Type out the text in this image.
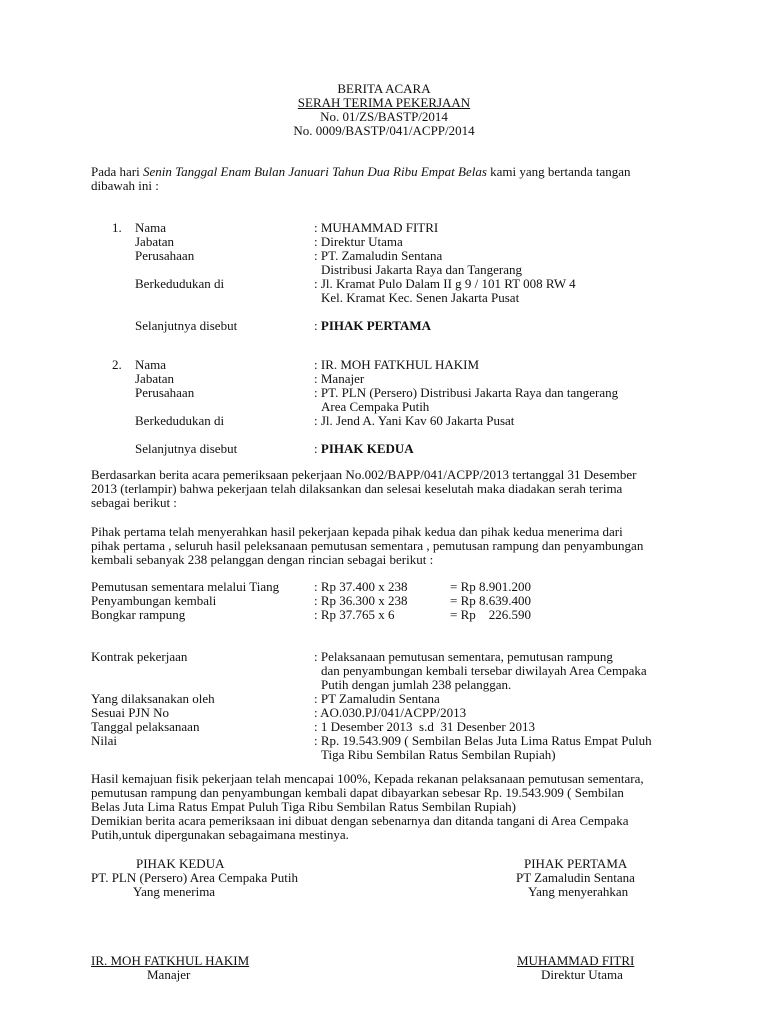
BERITA ACARA
SERAH TERIMA PEKERJAAN
No. 01/ZS/BASTP/2014
No. 0009/BASTP/041/ACPP/2014
Pada hari Senin Tanggal Enam Bulan Januari Tahun Dua Ribu Empat Belas kami yang bertanda tangan
dibawah ini :
1. Nama	: MUHAMMAD FITRI
Jabatan	: Direktur Utama
Perusahaan	: PT. Zamaludin Sentana
Distribusi Jakarta Raya dan Tangerang
Berkedudukan di	: Jl. Kramat Pulo Dalam II g 9 / 101 RT 008 RW 4
Kel. Kramat Kec. Senen Jakarta Pusat
Selanjutnya disebut	: PIHAK PERTAMA
2. Nama	: IR. MOH FATKHUL HAKIM
Jabatan	: Manajer
Perusahaan	: PT. PLN (Persero) Distribusi Jakarta Raya dan tangerang
Area Cempaka Putih
Berkedudukan di	: Jl. Jend A. Yani Kav 60 Jakarta Pusat
Selanjutnya disebut	: PIHAK KEDUA
Berdasarkan berita acara pemeriksaan pekerjaan No.002/BAPP/041/ACPP/2013 tertanggal 31 Desember
2013 (terlampir) bahwa pekerjaan telah dilaksankan dan selesai keselutah maka diadakan serah terima
sebagai berikut :
Pihak pertama telah menyerahkan hasil pekerjaan kepada pihak kedua dan pihak kedua menerima dari
pihak pertama , seluruh hasil peleksanaan pemutusan sementara , pemutusan rampung dan penyambungan
kembali sebanyak 238 pelanggan dengan rincian sebagai berikut :
Pemutusan sementara melalui Tiang	: Rp 37.400 x 238	= Rp 8.901.200
Penyambungan kembali	: Rp 36.300 x 238	= Rp 8.639.400
Bongkar rampung	: Rp 37.765 x 6	= Rp    226.590
Kontrak pekerjaan	: Pelaksanaan pemutusan sementara, pemutusan rampung
dan penyambungan kembali tersebar diwilayah Area Cempaka
Putih dengan jumlah 238 pelanggan.
Yang dilaksanakan oleh	: PT Zamaludin Sentana
Sesuai PJN No	: AO.030.PJ/041/ACPP/2013
Tanggal pelaksanaan	: 1 Desember 2013  s.d  31 Desenber 2013
Nilai	: Rp. 19.543.909 ( Sembilan Belas Juta Lima Ratus Empat Puluh
Tiga Ribu Sembilan Ratus Sembilan Rupiah)
Hasil kemajuan fisik pekerjaan telah mencapai 100%, Kepada rekanan pelaksanaan pemutusan sementara,
pemutusan rampung dan penyambungan kembali dapat dibayarkan sebesar Rp. 19.543.909 ( Sembilan
Belas Juta Lima Ratus Empat Puluh Tiga Ribu Sembilan Ratus Sembilan Rupiah)
Demikian berita acara pemeriksaan ini dibuat dengan sebenarnya dan ditanda tangani di Area Cempaka
Putih,untuk dipergunakan sebagaimana mestinya.
PIHAK KEDUA
PT. PLN (Persero) Area Cempaka Putih
Yang menerima
IR. MOH FATKHUL HAKIM
Manajer
PIHAK PERTAMA
PT Zamaludin Sentana
Yang menyerahkan
MUHAMMAD FITRI
Direktur Utama
